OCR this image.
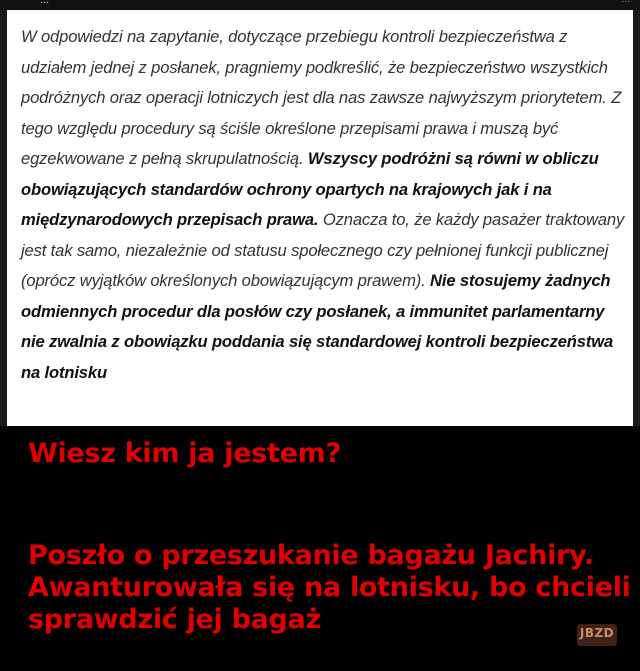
...
W odpowiedzi na zapytanie, dotyczące przebiegu kontroli bezpieczeństwa z udziałem jednej z posłanek, pragniemy podkreślić, że bezpieczeństwo wszystkich podróżnych oraz operacji lotniczych jest dla nas zawsze najwyższym priorytetem. Z tego względu procedury są ściśle określone przepisami prawa i muszą być egzekwowane z pełną skrupulatnością. Wszyscy podróżni są równi w obliczu obowiązujących standardów ochrony opartych na krajowych jak i na międzynarodowych przepisach prawa. Oznacza to, że każdy pasażer traktowany jest tak samo, niezależnie od statusu społecznego czy pełnionej funkcji publicznej (oprócz wyjątków określonych obowiązującym prawem). Nie stosujemy żadnych odmiennych procedur dla posłów czy posłanek, a immunitet parlamentarny nie zwalnia z obowiązku poddania się standardowej kontroli bezpieczeństwa na lotnisku
Wiesz kim ja jestem?
Poszło o przeszukanie bagażu Jachiry.
Awanturowała się na lotnisku, bo chcieli
sprawdzić jej bagaż	JBZD
